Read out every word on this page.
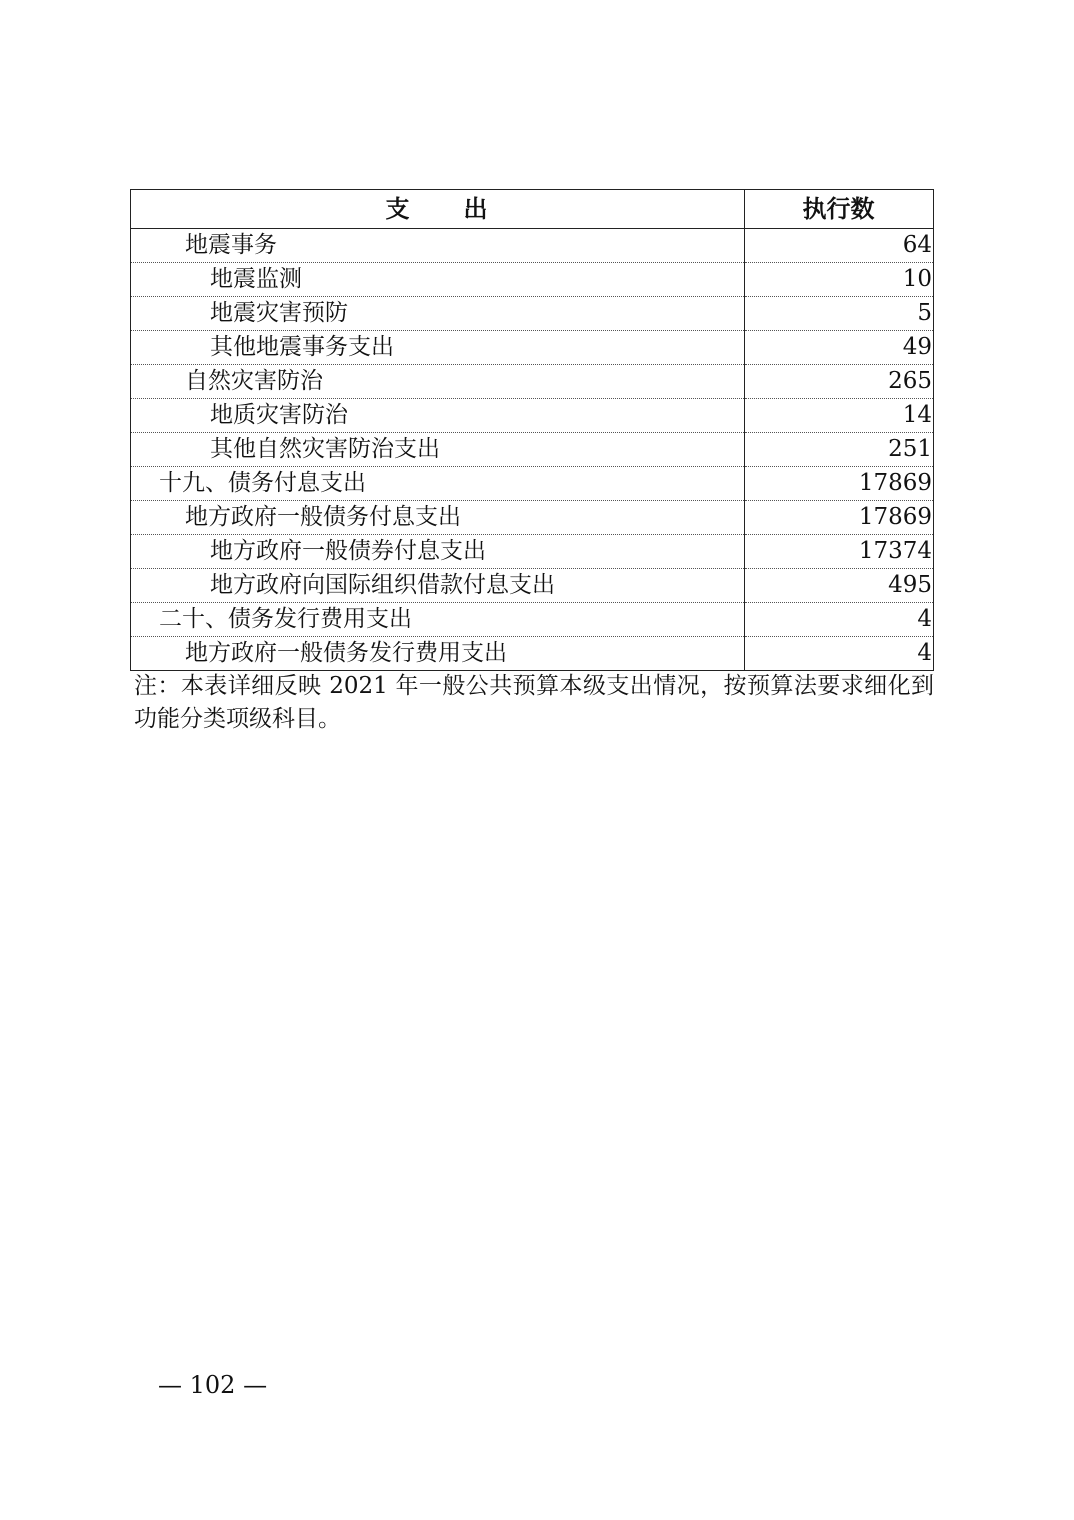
支　　出	执行数
地震事务	64
地震监测	10
地震灾害预防	5
其他地震事务支出	49
自然灾害防治	265
地质灾害防治	14
其他自然灾害防治支出	251
十九、债务付息支出	17869
地方政府一般债务付息支出	17869
地方政府一般债券付息支出	17374
地方政府向国际组织借款付息支出	495
二十、债务发行费用支出	4
地方政府一般债务发行费用支出	4
注：本表详细反映 2021 年一般公共预算本级支出情况，按预算法要求细化到功能分类项级科目。
— 102 —
